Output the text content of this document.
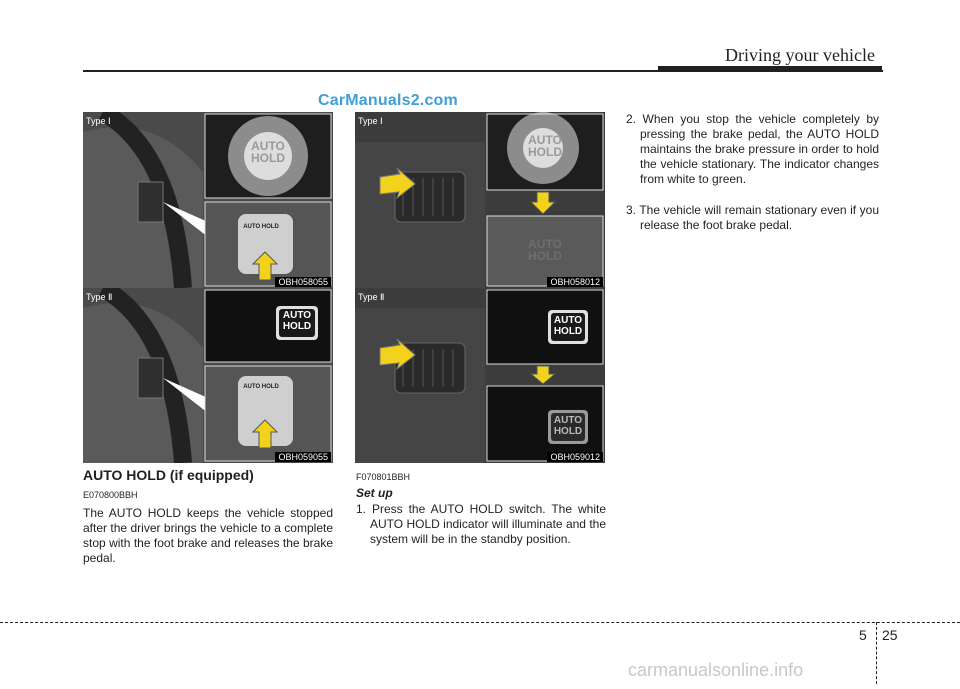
Driving your vehicle
CarManuals2.com
Type Ⅰ
AUTO HOLD
AUTO HOLD
OBH058055
Type Ⅱ
AUTO HOLD
AUTO HOLD
OBH059055
Type Ⅰ
AUTO HOLD
AUTO HOLD
OBH058012
Type Ⅱ
AUTO HOLD
AUTO HOLD
OBH059012
AUTO HOLD (if equipped)
E070800BBH
The AUTO HOLD keeps the vehicle stopped after the driver brings the vehicle to a complete stop with the foot brake and releases the brake pedal.
F070801BBH
Set up
1. Press the AUTO HOLD switch. The white AUTO HOLD indicator will illuminate and the system will be in the standby position.
2. When you stop the vehicle completely by pressing the brake pedal, the AUTO HOLD maintains the brake pressure in order to hold the vehicle stationary. The indicator changes from white to green.
3. The vehicle will remain stationary even if you release the foot brake pedal.
5 25
carmanualsonline.info
